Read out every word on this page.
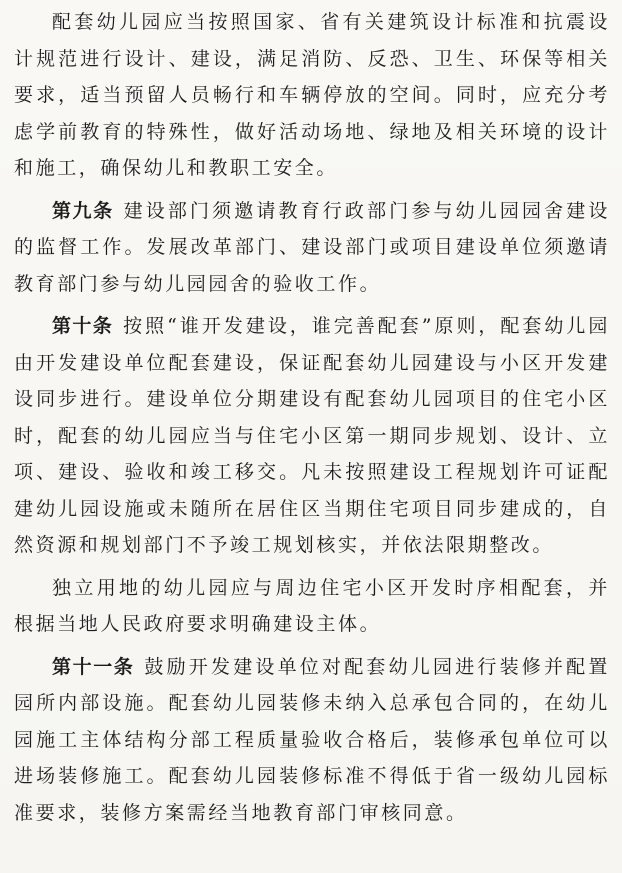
配套幼儿园应当按照国家、省有关建筑设计标准和抗震设计规范进行设计、建设，满足消防、反恐、卫生、环保等相关要求，适当预留人员畅行和车辆停放的空间。同时，应充分考虑学前教育的特殊性，做好活动场地、绿地及相关环境的设计和施工，确保幼儿和教职工安全。

第九条 建设部门须邀请教育行政部门参与幼儿园园舍建设的监督工作。发展改革部门、建设部门或项目建设单位须邀请教育部门参与幼儿园园舍的验收工作。

第十条 按照“谁开发建设，谁完善配套”原则，配套幼儿园由开发建设单位配套建设，保证配套幼儿园建设与小区开发建设同步进行。建设单位分期建设有配套幼儿园项目的住宅小区时，配套的幼儿园应当与住宅小区第一期同步规划、设计、立项、建设、验收和竣工移交。凡未按照建设工程规划许可证配建幼儿园设施或未随所在居住区当期住宅项目同步建成的，自然资源和规划部门不予竣工规划核实，并依法限期整改。

独立用地的幼儿园应与周边住宅小区开发时序相配套，并根据当地人民政府要求明确建设主体。

第十一条 鼓励开发建设单位对配套幼儿园进行装修并配置园所内部设施。配套幼儿园装修未纳入总承包合同的，在幼儿园施工主体结构分部工程质量验收合格后，装修承包单位可以进场装修施工。配套幼儿园装修标准不得低于省一级幼儿园标准要求，装修方案需经当地教育部门审核同意。
